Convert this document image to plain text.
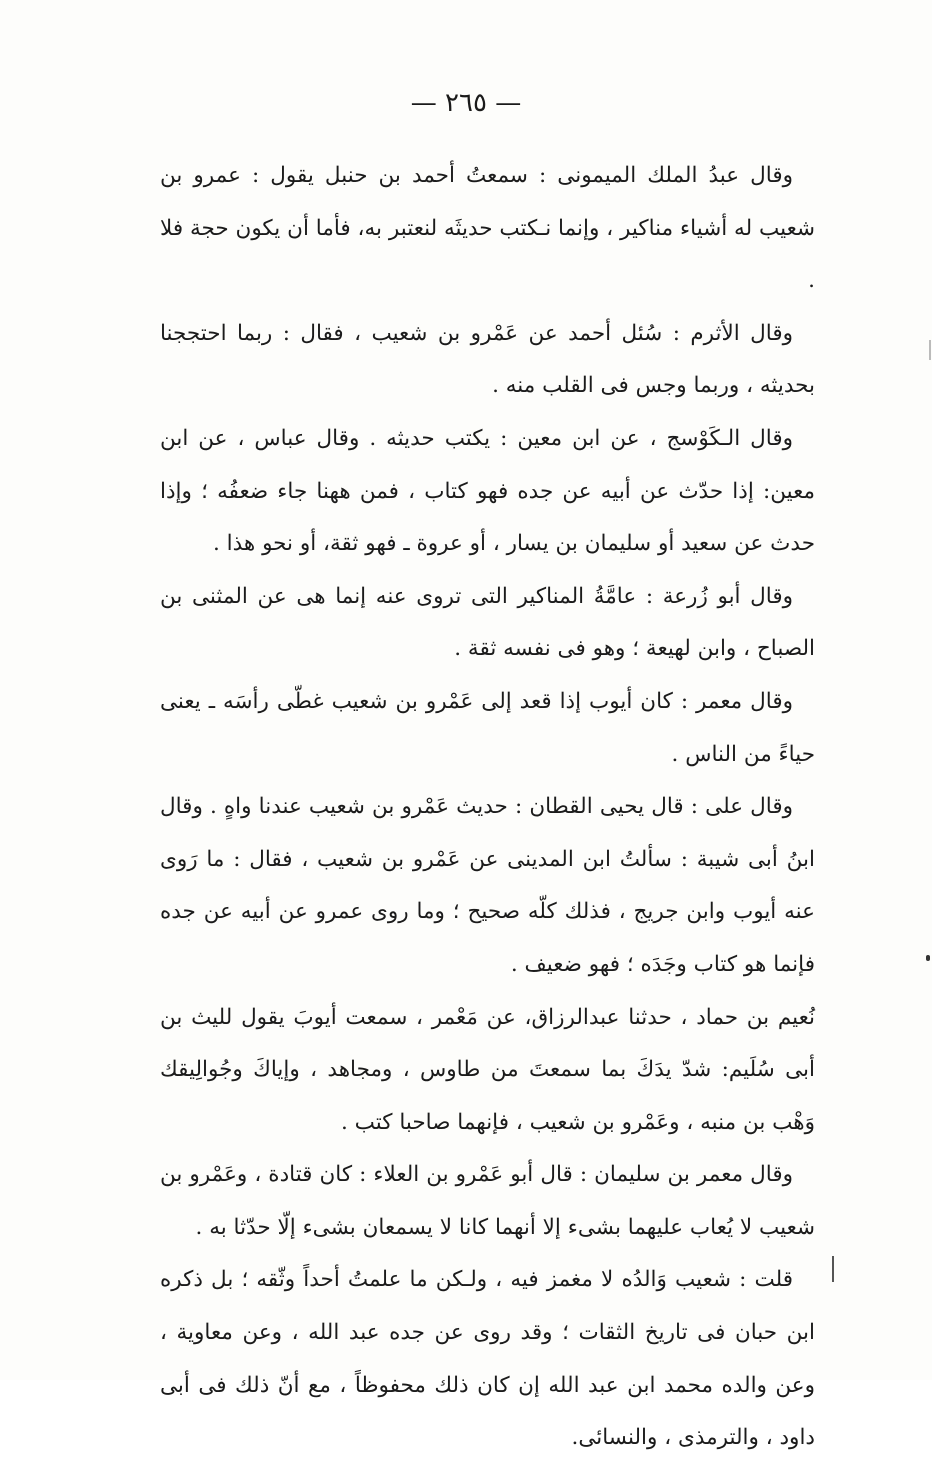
— ٢٦٥ —

وقال عبدُ الملك الميمونى : سمعتُ أحمد بن حنبل يقول : عمرو بن شعيب له أشياء مناكير ، وإنما نـكتب حديثَه لنعتبر به، فأما أن يكون حجة فلا .

وقال الأثرم : سُئل أحمد عن عَمْرو بن شعيب ، فقال : ربما احتججنا بحديثه ، وربما وجس فى القلب منه .

وقال الـكَوْسج ، عن ابن معين : يكتب حديثه . وقال عباس ، عن ابن معين: إذا حدّث عن أبيه عن جده فهو كتاب ، فمن ههنا جاء ضعفُه ؛ وإذا حدث عن سعيد أو سليمان بن يسار ، أو عروة ـ فهو ثقة، أو نحو هذا .

وقال أبو زُرعة : عامَّةُ المناكير التى تروى عنه إنما هى عن المثنى بن الصباح ، وابن لهيعة ؛ وهو فى نفسه ثقة .

وقال معمر : كان أيوب إذا قعد إلى عَمْرو بن شعيب غطّى رأسَه ـ يعنى حياءً من الناس .

وقال على : قال يحيى القطان : حديث عَمْرو بن شعيب عندنا واهٍ . وقال ابنُ أبى شيبة : سألتُ ابن المدينى عن عَمْرو بن شعيب ، فقال : ما رَوى عنه أيوب وابن جريج ، فذلك كلّه صحيح ؛ وما روى عمرو عن أبيه عن جده فإنما هو كتاب وجَدَه ؛ فهو ضعيف .

نُعيم بن حماد ، حدثنا عبدالرزاق، عن مَعْمر ، سمعت أيوبَ يقول لليث بن أبى سُلَيم: شدّ يدَكَ بما سمعتَ من طاوس ، ومجاهد ، وإياكَ وجُوالِيقك وَهْب بن منبه ، وعَمْرو بن شعيب ، فإنهما صاحبا كتب .

وقال معمر بن سليمان : قال أبو عَمْرو بن العلاء : كان قتادة ، وعَمْرو بن شعيب لا يُعاب عليهما بشىء إلا أنهما كانا لا يسمعان بشىء إلّا حدّثا به .

قلت : شعيب وَالدُه لا مغمز فيه ، ولـكن ما علمتُ أحداً وثّقه ؛ بل ذكره ابن حبان فى تاريخ الثقات ؛ وقد روى عن جده عبد الله ، وعن معاوية ، وعن والده محمد ابن عبد الله إن كان ذلك محفوظاً ، مع أنّ ذلك فى أبى داود ، والترمذى ، والنسائى.
